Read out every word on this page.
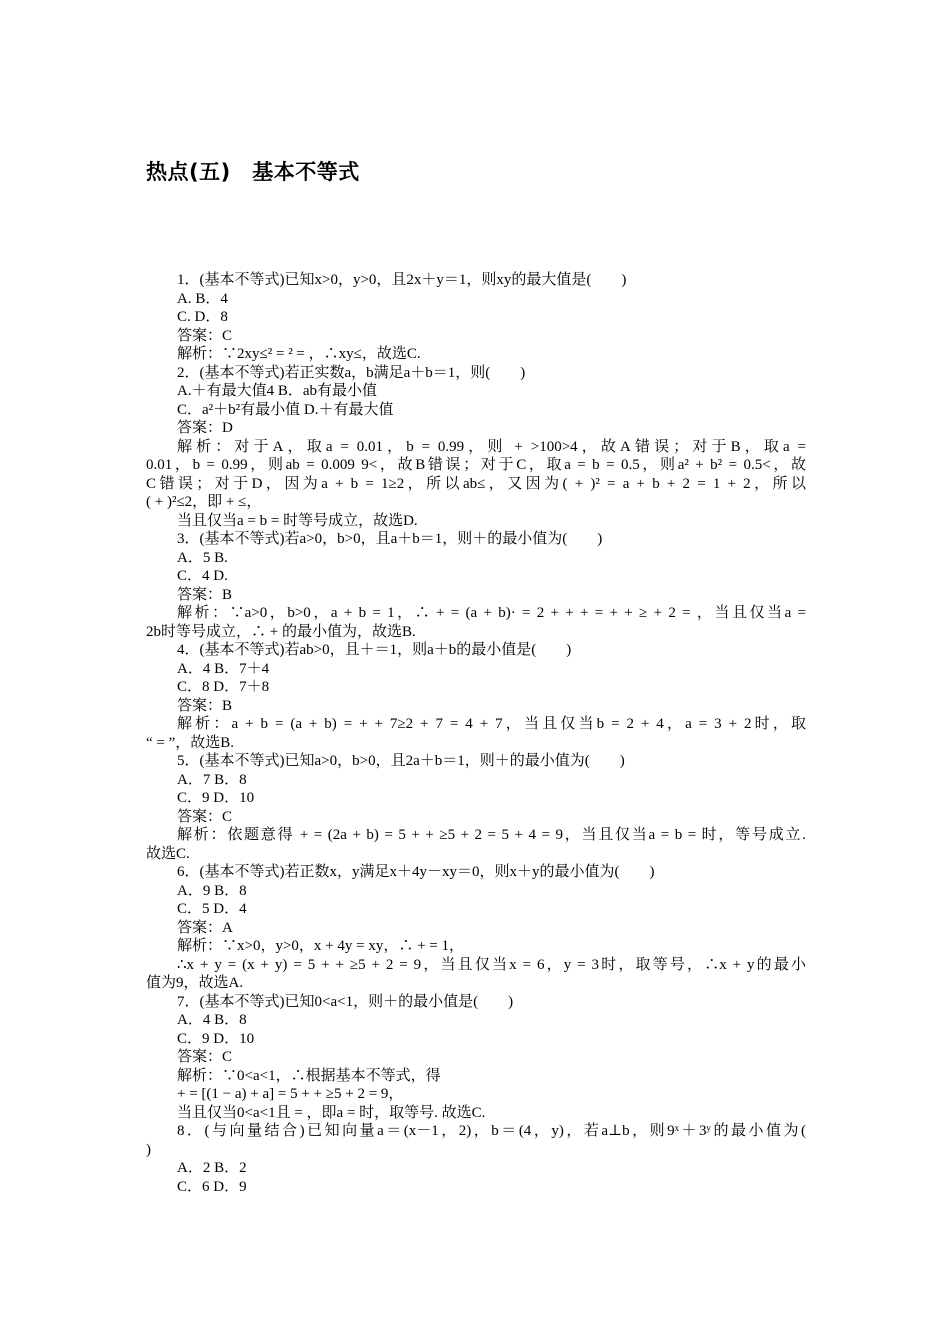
热点(五)　基本不等式
1．(基本不等式)已知x>0，y>0，且2x＋y＝1，则xy的最大值是(　　)
A. B．4
C. D．8
答案：C
解析：∵2xy≤² = ² = ，∴xy≤，故选C.
2．(基本不等式)若正实数a，b满足a＋b＝1，则(　　)
A.＋有最大值4 B．ab有最小值
C．a²＋b²有最小值 D.＋有最大值
答案：D
解析：对于A，取a = 0.01，b = 0.99，则 + >100>4，故A错误；对于B，取a =
0.01，b = 0.99，则ab = 0.009 9<，故B错误；对于C，取a = b = 0.5，则a² + b² = 0.5<，故
C错误；对于D，因为a + b = 1≥2，所以ab≤，又因为( + )² = a + b + 2 = 1 + 2，所以
( + )²≤2，即 + ≤，
当且仅当a = b = 时等号成立，故选D.
3．(基本不等式)若a>0，b>0，且a＋b＝1，则＋的最小值为(　　)
A．5 B.
C．4 D.
答案：B
解析：∵a>0，b>0，a + b = 1，∴ + = (a + b)· = 2 + + + = + + ≥ + 2 = ，当且仅当a =
2b时等号成立，∴ + 的最小值为，故选B.
4．(基本不等式)若ab>0，且＋＝1，则a＋b的最小值是(　　)
A．4 B．7＋4
C．8 D．7＋8
答案：B
解析：a + b = (a + b) = + + 7≥2 + 7 = 4 + 7，当且仅当b = 2 + 4，a = 3 + 2时，取
“ = ”，故选B.
5．(基本不等式)已知a>0，b>0，且2a＋b＝1，则＋的最小值为(　　)
A．7 B．8
C．9 D．10
答案：C
解析：依题意得 + = (2a + b) = 5 + + ≥5 + 2 = 5 + 4 = 9，当且仅当a = b = 时，等号成立.
故选C.
6．(基本不等式)若正数x，y满足x＋4y－xy＝0，则x＋y的最小值为(　　)
A．9 B．8
C．5 D．4
答案：A
解析：∵x>0，y>0，x + 4y = xy，∴ + = 1，
∴x + y = (x + y) = 5 + + ≥5 + 2 = 9，当且仅当x = 6，y = 3时，取等号，∴x + y的最小
值为9，故选A.
7．(基本不等式)已知0<a<1，则＋的最小值是(　　)
A．4 B．8
C．9 D．10
答案：C
解析：∵0<a<1，∴根据基本不等式，得
+ = [(1 − a) + a] = 5 + + ≥5 + 2 = 9，
当且仅当0<a<1且 = ，即a = 时，取等号. 故选C.
8．(与向量结合)已知向量a＝(x－1，2)，b＝(4，y)，若a⊥b，则9ˣ＋3ʸ的最小值为(
)
A．2 B．2
C．6 D．9
